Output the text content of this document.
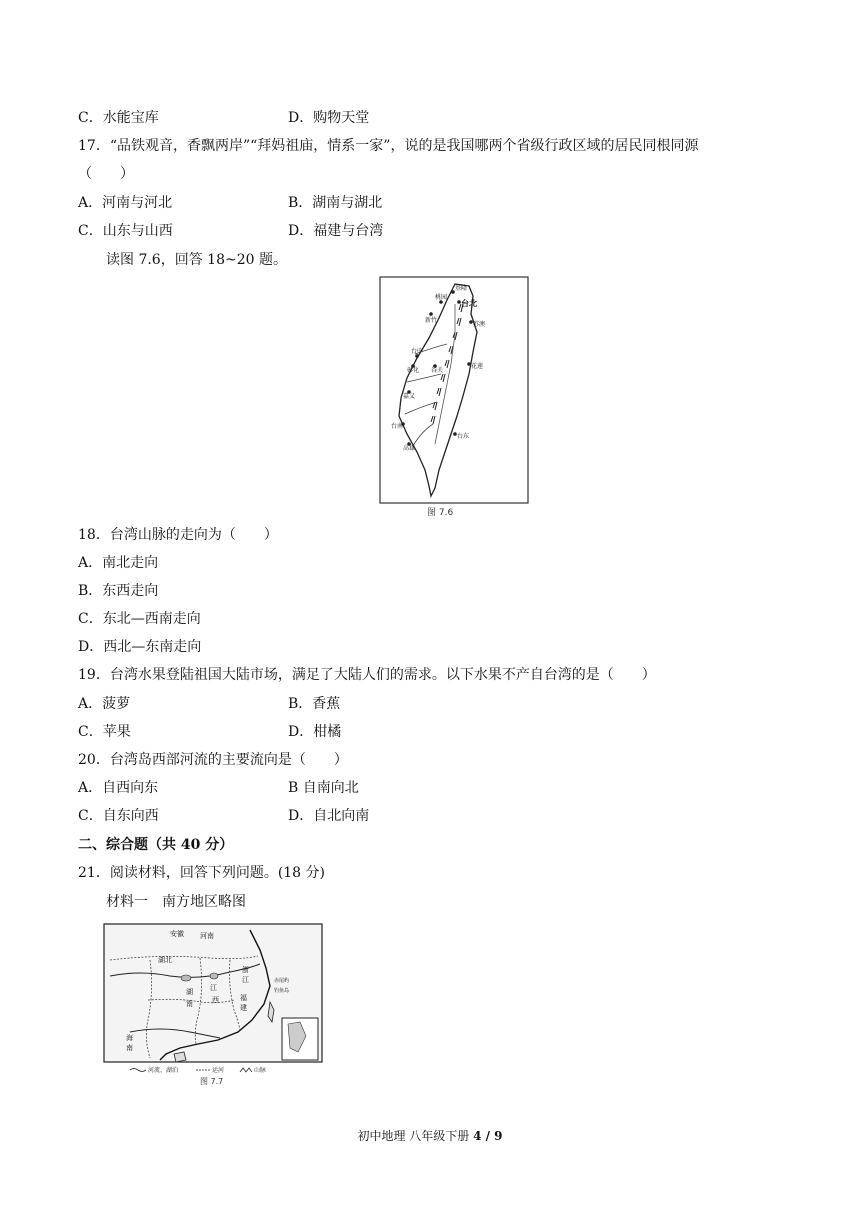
C．水能宝库	D．购物天堂
17．“品铁观音，香飘两岸”“拜妈祖庙，情系一家”，说的是我国哪两个省级行政区域的居民同根同源
（　　）
A．河南与河北	B．湖南与湖北
C．山东与山西	D．福建与台湾
读图 7.6，回答 18~20 题。
基隆
台北
桃园
新竹
苏澳
台中
彰化 谷关
花莲
嘉义
台南
台东
高雄
图 7.6
18．台湾山脉的走向为（　　）
A．南北走向
B．东西走向
C．东北—西南走向
D．西北—东南走向
19．台湾水果登陆祖国大陆市场，满足了大陆人们的需求。以下水果不产自台湾的是（　　）
A．菠萝	B．香蕉
C．苹果	D．柑橘
20．台湾岛西部河流的主要流向是（　　）
A．自西向东	B 自南向北
C．自东向西	D．自北向南
二、综合题（共 40 分）
21．阅读材料，回答下列问题。(18 分)
材料一　南方地区略图
安徽 河南
湖北
湖
南
江
西
浙
江
福
建
赤尾屿
钓鱼岛
海
南
河流、湖泊	运河	山脉
图 7.7
初中地理 八年级下册 4 / 9
